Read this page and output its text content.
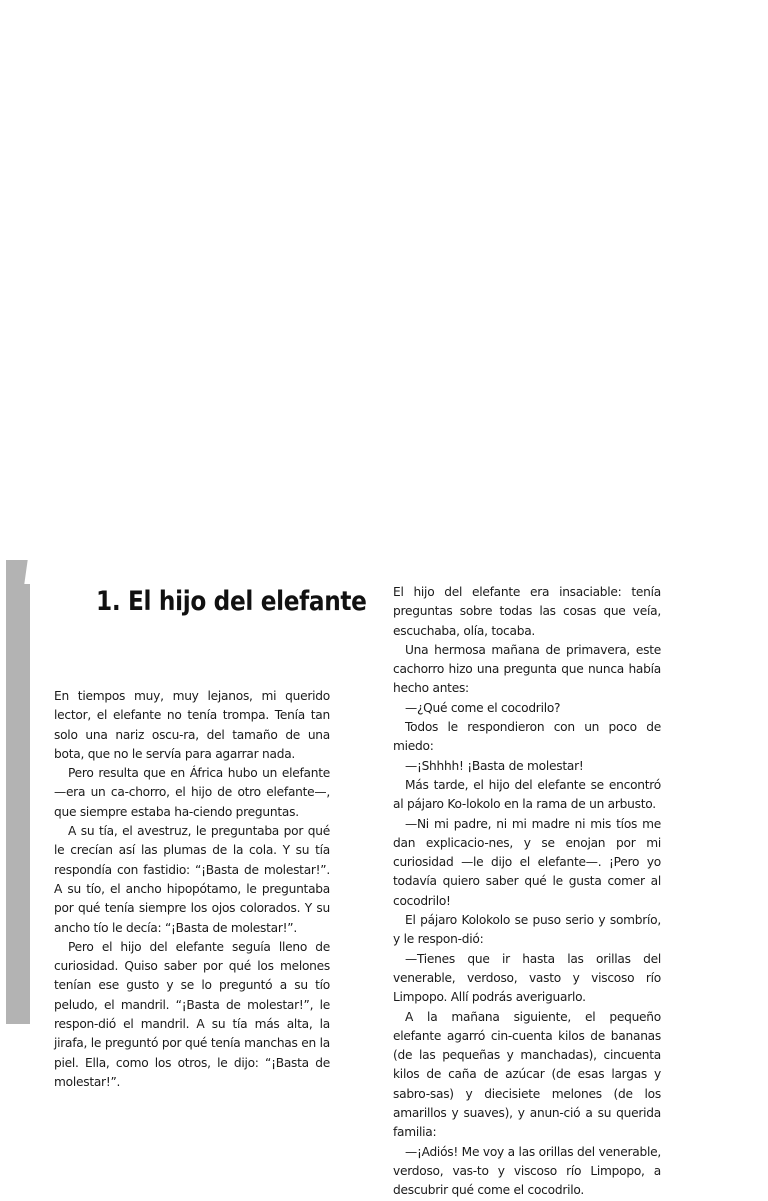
1. El hijo del elefante

En tiempos muy, muy lejanos, mi querido lector, el elefante no tenía trompa. Tenía tan solo una nariz oscu-ra, del tamaño de una bota, que no le servía para agarrar nada.

Pero resulta que en África hubo un elefante —era un ca-chorro, el hijo de otro elefante—, que siempre estaba ha-ciendo preguntas.

A su tía, el avestruz, le preguntaba por qué le crecían así las plumas de la cola. Y su tía respondía con fastidio: “¡Basta de molestar!”. A su tío, el ancho hipopótamo, le preguntaba por qué tenía siempre los ojos colorados. Y su ancho tío le decía: “¡Basta de molestar!”.

Pero el hijo del elefante seguía lleno de curiosidad. Quiso saber por qué los melones tenían ese gusto y se lo preguntó a su tío peludo, el mandril. “¡Basta de molestar!”, le respon-dió el mandril. A su tía más alta, la jirafa, le preguntó por qué tenía manchas en la piel. Ella, como los otros, le dijo: “¡Basta de molestar!”.

El hijo del elefante era insaciable: tenía preguntas sobre todas las cosas que veía, escuchaba, olía, tocaba.

Una hermosa mañana de primavera, este cachorro hizo una pregunta que nunca había hecho antes:

—¿Qué come el cocodrilo?

Todos le respondieron con un poco de miedo:

—¡Shhhh! ¡Basta de molestar!

Más tarde, el hijo del elefante se encontró al pájaro Ko-lokolo en la rama de un arbusto.

—Ni mi padre, ni mi madre ni mis tíos me dan explicacio-nes, y se enojan por mi curiosidad —le dijo el elefante—. ¡Pero yo todavía quiero saber qué le gusta comer al cocodrilo!

El pájaro Kolokolo se puso serio y sombrío, y le respon-dió:

—Tienes que ir hasta las orillas del venerable, verdoso, vasto y viscoso río Limpopo. Allí podrás averiguarlo.

A la mañana siguiente, el pequeño elefante agarró cin-cuenta kilos de bananas (de las pequeñas y manchadas), cincuenta kilos de caña de azúcar (de esas largas y sabro-sas) y diecisiete melones (de los amarillos y suaves), y anun-ció a su querida familia:

—¡Adiós! Me voy a las orillas del venerable, verdoso, vas-to y viscoso río Limpopo, a descubrir qué come el cocodrilo.
